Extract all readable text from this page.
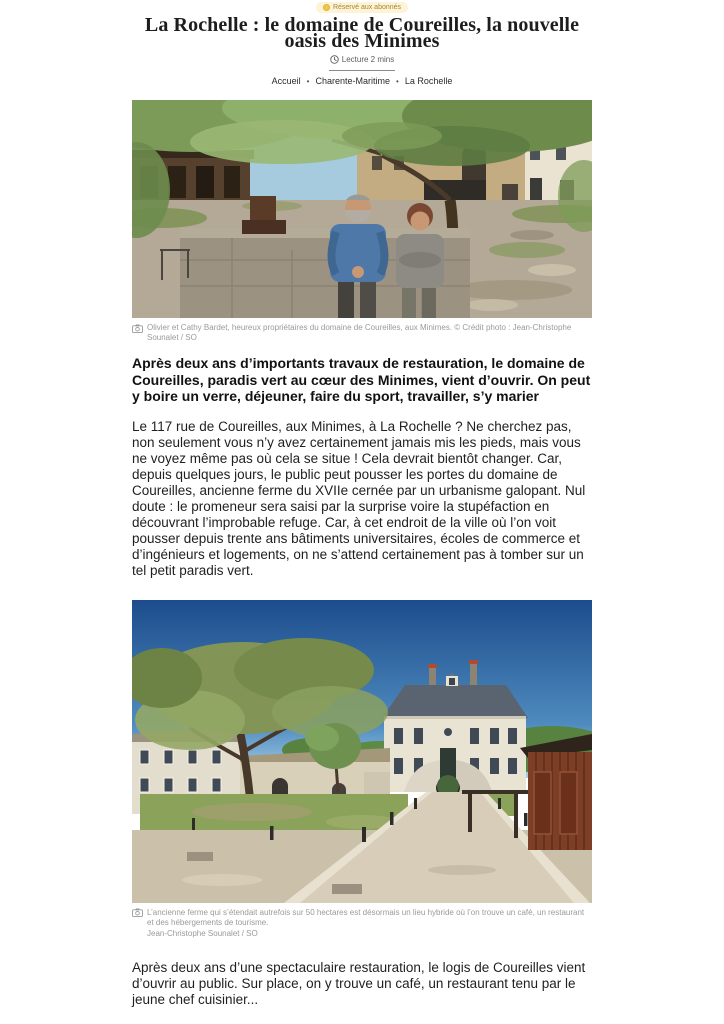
Réservé aux abonnés
La Rochelle : le domaine de Coureilles, la nouvelle oasis des Minimes
Lecture 2 mins
Accueil • Charente-Maritime • La Rochelle
Olivier et Cathy Bardet, heureux propriétaires du domaine de Coureilles, aux Minimes. © Crédit photo : Jean-Christophe Sounalet / SO

Après deux ans d’importants travaux de restauration, le domaine de Coureilles, paradis vert au cœur des Minimes, vient d’ouvrir. On peut y boire un verre, déjeuner, faire du sport, travailler, s’y marier

Le 117 rue de Coureilles, aux Minimes, à La Rochelle ? Ne cherchez pas, non seulement vous n’y avez certainement jamais mis les pieds, mais vous ne voyez même pas où cela se situe ! Cela devrait bientôt changer. Car, depuis quelques jours, le public peut pousser les portes du domaine de Coureilles, ancienne ferme du XVIIe cernée par un urbanisme galopant. Nul doute : le promeneur sera saisi par la surprise voire la stupéfaction en découvrant l’improbable refuge. Car, à cet endroit de la ville où l’on voit pousser depuis trente ans bâtiments universitaires, écoles de commerce et d’ingénieurs et logements, on ne s’attend certainement pas à tomber sur un tel petit paradis vert.

L’ancienne ferme qui s’étendait autrefois sur 50 hectares est désormais un lieu hybride où l’on trouve un café, un restaurant et des hébergements de tourisme.
Jean-Christophe Sounalet / SO

Après deux ans d’une spectaculaire restauration, le logis de Coureilles vient d’ouvrir au public. Sur place, on y trouve un café, un restaurant tenu par le jeune chef cuisinier...
